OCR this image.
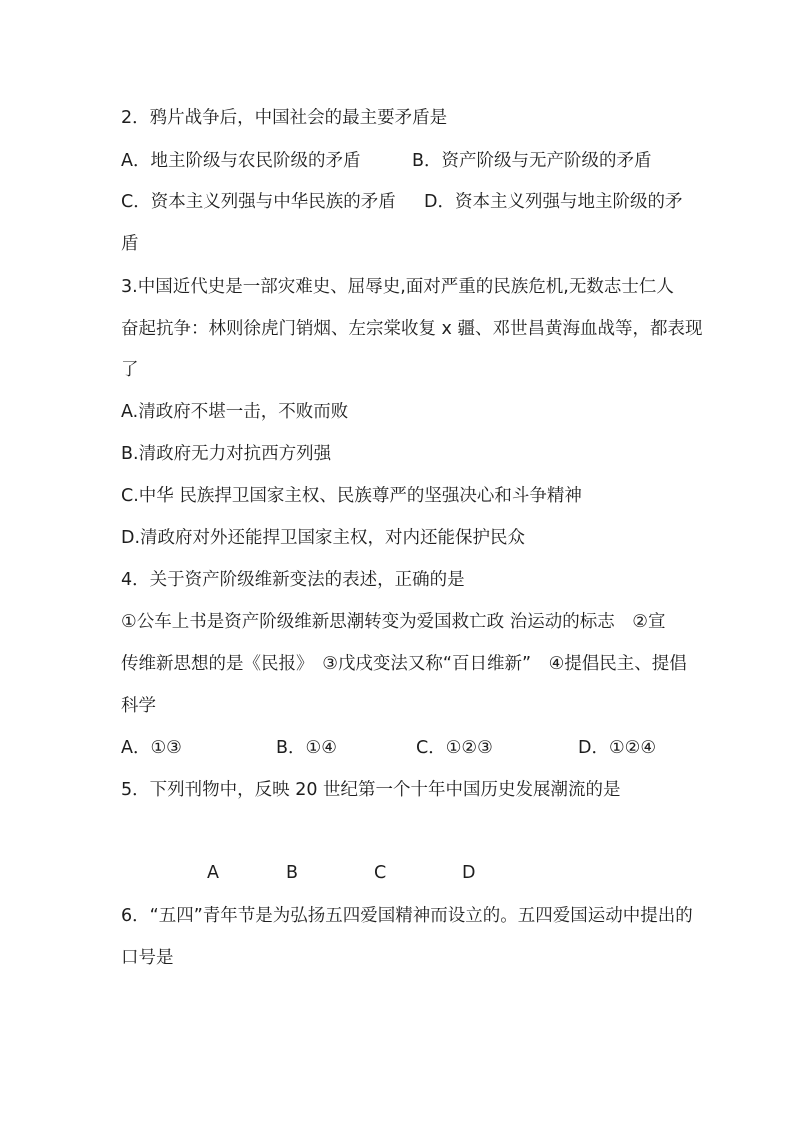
2．鸦片战争后，中国社会的最主要矛盾是
A．地主阶级与农民阶级的矛盾	B．资产阶级与无产阶级的矛盾
C．资本主义列强与中华民族的矛盾 D．资本主义列强与地主阶级的矛
盾
3.中国近代史是一部灾难史、屈辱史,面对严重的民族危机,无数志士仁人
奋起抗争：林则徐虎门销烟、左宗棠收复 x 疆、邓世昌黄海血战等，都表现
了
A.清政府不堪一击，不败而败
B.清政府无力对抗西方列强
C.中华 民族捍卫国家主权、民族尊严的坚强决心和斗争精神
D.清政府对外还能捍卫国家主权，对内还能保护民众
4．关于资产阶级维新变法的表述，正确的是
①公车上书是资产阶级维新思潮转变为爱国救亡政 治运动的标志　②宣
传维新思想的是《民报》　③戊戌变法又称“百日维新”　④提倡民主、提倡
科学
A．①③	B．①④	C．①②③	D．①②④
5．下列刊物中，反映 20 世纪第一个十年中国历史发展潮流的是
A	B	C	D
6．“五四”青年节是为弘扬五四爱国精神而设立的。五四爱国运动中提出的
口号是
